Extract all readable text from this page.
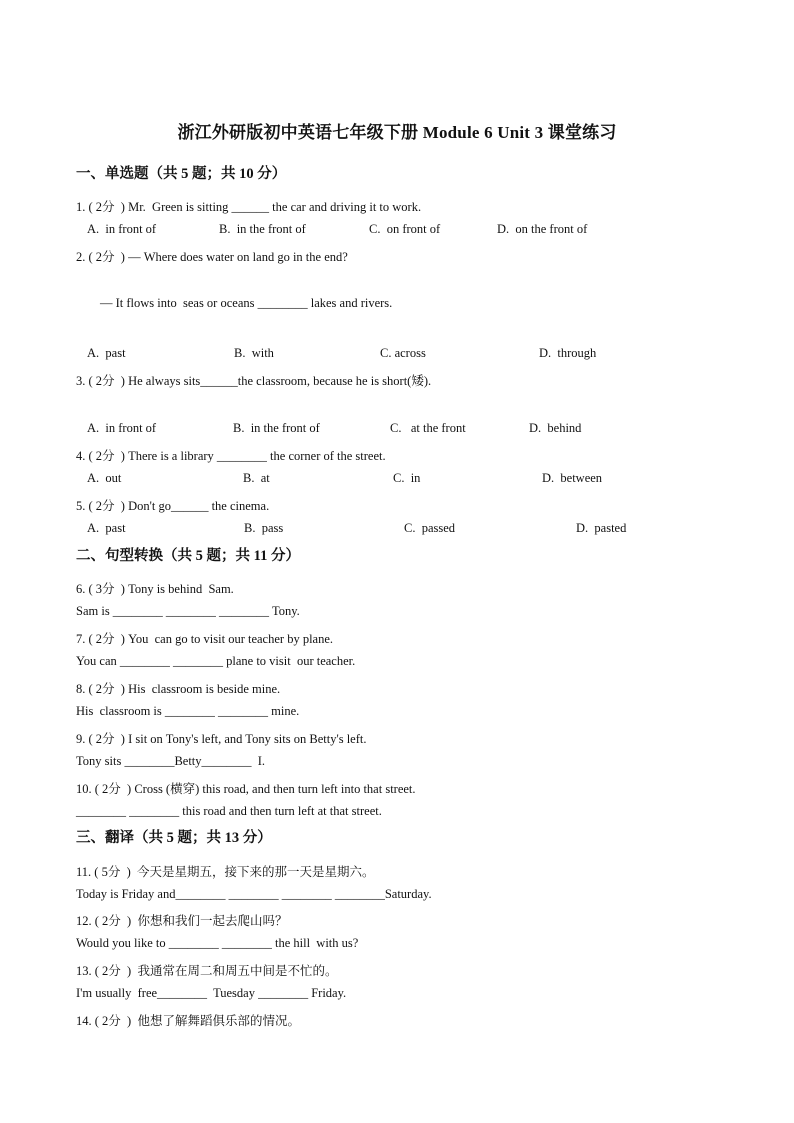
浙江外研版初中英语七年级下册 Module 6 Unit 3 课堂练习
一、单选题（共 5 题；共 10 分）
1. ( 2分  ) Mr.  Green is sitting ______ the car and driving it to work.
A.  in front of	B.  in the front of	C.  on front of	D.  on the front of
2. ( 2分  ) — Where does water on land go in the end?
— It flows into  seas or oceans ________ lakes and rivers.
A.  past	B.  with	C. across	D.  through
3. ( 2分  ) He always sits______the classroom, because he is short(矮).
A.  in front of	B.  in the front of	C.   at the front	D.  behind
4. ( 2分  ) There is a library ________ the corner of the street.
A.  out	B.  at	C.  in	D.  between
5. ( 2分  ) Don't go______ the cinema.
A.  past	B.  pass	C.  passed	D.  pasted
二、句型转换（共 5 题；共 11 分）
6. ( 3分  ) Tony is behind  Sam.
Sam is ________ ________ ________ Tony.
7. ( 2分  ) You  can go to visit our teacher by plane.
You can ________ ________ plane to visit  our teacher.
8. ( 2分  ) His  classroom is beside mine.
His  classroom is ________ ________ mine.
9. ( 2分  ) I sit on Tony's left, and Tony sits on Betty's left.
Tony sits ________Betty________  I.
10. ( 2分  ) Cross (横穿) this road, and then turn left into that street.
________ ________ this road and then turn left at that street.
三、翻译（共 5 题；共 13 分）
11. ( 5分  )  今天是星期五，接下来的那一天是星期六。
Today is Friday and________ ________ ________ ________Saturday.
12. ( 2分  )  你想和我们一起去爬山吗？
Would you like to ________ ________ the hill  with us?
13. ( 2分  )  我通常在周二和周五中间是不忙的。
I'm usually  free________  Tuesday ________ Friday.
14. ( 2分  )  他想了解舞蹈俱乐部的情况。
